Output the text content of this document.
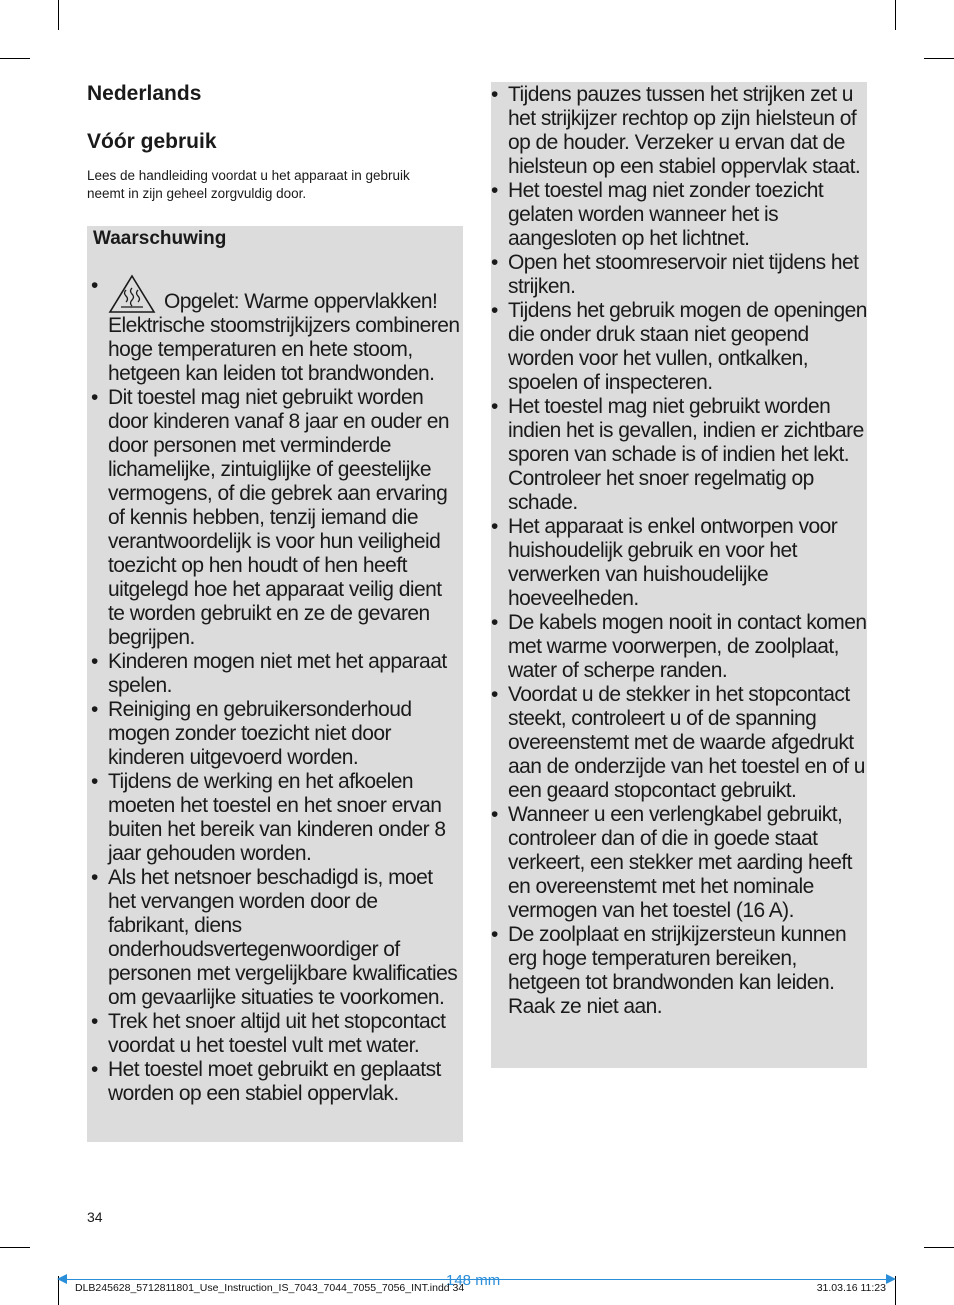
Nederlands
Vóór gebruik

Lees de handleiding voordat u het apparaat in gebruik neemt in zijn geheel zorgvuldig door.

Waarschuwing
• Opgelet: Warme oppervlakken! Elektrische stoomstrijkijzers combineren hoge temperaturen en hete stoom, hetgeen kan leiden tot brandwonden.
• Dit toestel mag niet gebruikt worden door kinderen vanaf 8 jaar en ouder en door personen met verminderde lichamelijke, zintuiglijke of geestelijke vermogens, of die gebrek aan ervaring of kennis hebben, tenzij iemand die verantwoordelijk is voor hun veiligheid toezicht op hen houdt of hen heeft uitgelegd hoe het apparaat veilig dient te worden gebruikt en ze de gevaren begrijpen.
• Kinderen mogen niet met het apparaat spelen.
• Reiniging en gebruikersonderhoud mogen zonder toezicht niet door kinderen uitgevoerd worden.
• Tijdens de werking en het afkoelen moeten het toestel en het snoer ervan buiten het bereik van kinderen onder 8 jaar gehouden worden.
• Als het netsnoer beschadigd is, moet het vervangen worden door de fabrikant, diens onderhoudsvertegenwoordiger of personen met vergelijkbare kwalificaties om gevaarlijke situaties te voorkomen.
• Trek het snoer altijd uit het stopcontact voordat u het toestel vult met water.
• Het toestel moet gebruikt en geplaatst worden op een stabiel oppervlak.
• Tijdens pauzes tussen het strijken zet u het strijkijzer rechtop op zijn hielsteun of op de houder. Verzeker u ervan dat de hielsteun op een stabiel oppervlak staat.
• Het toestel mag niet zonder toezicht gelaten worden wanneer het is aangesloten op het lichtnet.
• Open het stoomreservoir niet tijdens het strijken.
• Tijdens het gebruik mogen de openingen die onder druk staan niet geopend worden voor het vullen, ontkalken, spoelen of inspecteren.
• Het toestel mag niet gebruikt worden indien het is gevallen, indien er zichtbare sporen van schade is of indien het lekt. Controleer het snoer regelmatig op schade.
• Het apparaat is enkel ontworpen voor huishoudelijk gebruik en voor het verwerken van huishoudelijke hoeveelheden.
• De kabels mogen nooit in contact komen met warme voorwerpen, de zoolplaat, water of scherpe randen.
• Voordat u de stekker in het stopcontact steekt, controleert u of de spanning overeenstemt met de waarde afgedrukt aan de onderzijde van het toestel en of u een geaard stopcontact gebruikt.
• Wanneer u een verlengkabel gebruikt, controleer dan of die in goede staat verkeert, een stekker met aarding heeft en overeenstemt met het nominale vermogen van het toestel (16 A).
• De zoolplaat en strijkijzersteun kunnen erg hoge temperaturen bereiken, hetgeen tot brandwonden kan leiden. Raak ze niet aan.
34
148 mm
DLB245628_5712811801_Use_Instruction_IS_7043_7044_7055_7056_INT.indd 34	31.03.16 11:23
